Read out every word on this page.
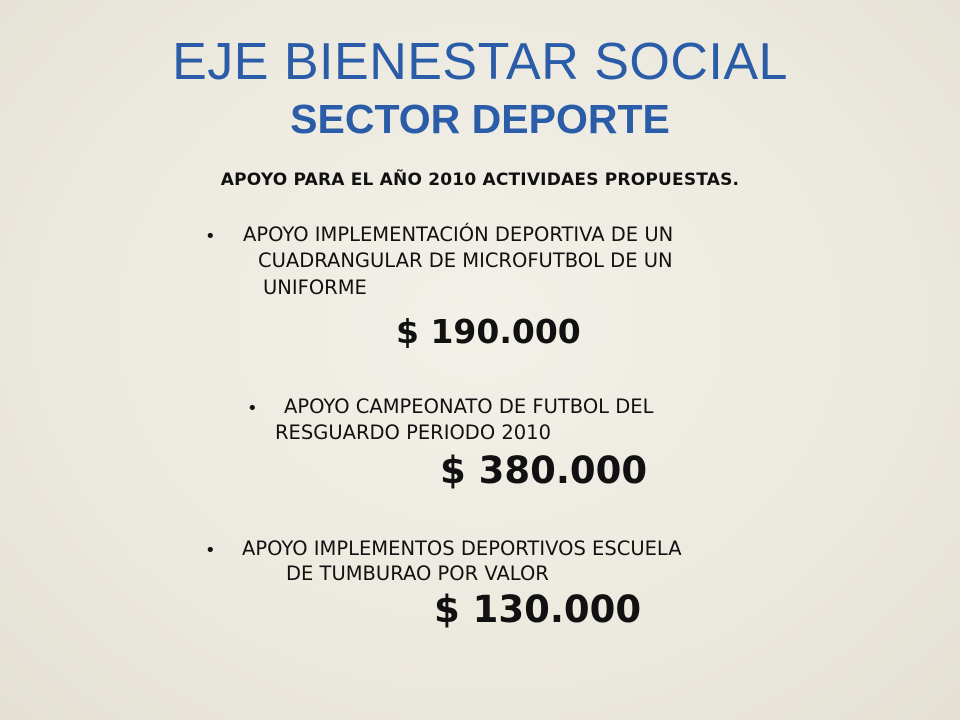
EJE BIENESTAR SOCIAL
SECTOR DEPORTE
APOYO PARA EL AÑO 2010 ACTIVIDAES PROPUESTAS.
• APOYO IMPLEMENTACIÓN DEPORTIVA DE UN
CUADRANGULAR DE MICROFUTBOL DE UN
UNIFORME
$ 190.000
• APOYO CAMPEONATO DE FUTBOL DEL
RESGUARDO PERIODO 2010
$ 380.000
• APOYO IMPLEMENTOS DEPORTIVOS ESCUELA
DE TUMBURAO POR VALOR
$ 130.000
